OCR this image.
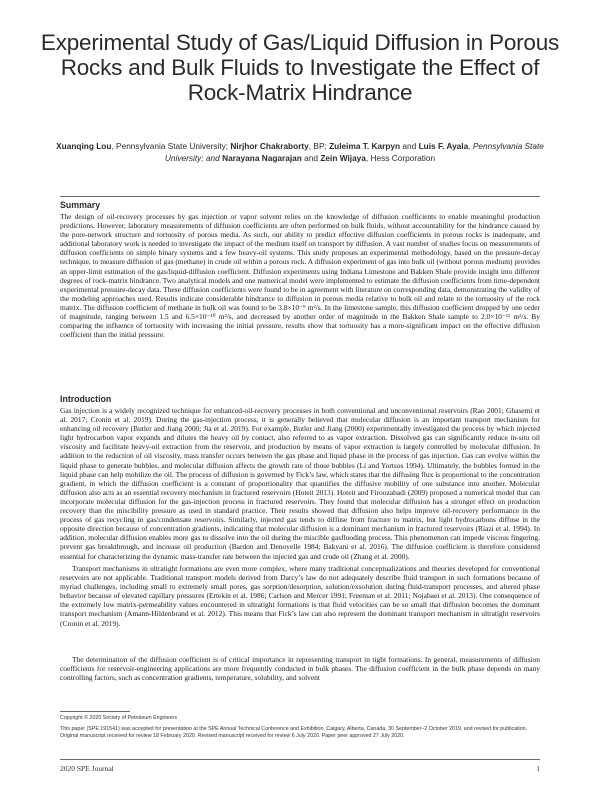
Experimental Study of Gas/Liquid Diffusion in Porous Rocks and Bulk Fluids to Investigate the Effect of Rock-Matrix Hindrance
Xuanqing Lou, Pennsylvania State University; Nirjhor Chakraborty, BP; Zuleima T. Karpyn and Luis F. Ayala, Pennsylvania State University; and Narayana Nagarajan and Zein Wijaya, Hess Corporation
Summary

The design of oil-recovery processes by gas injection or vapor solvent relies on the knowledge of diffusion coefficients to enable meaningful production predictions. However, laboratory measurements of diffusion coefficients are often performed on bulk fluids, without accountability for the hindrance caused by the pore-network structure and tortuosity of porous media. As such, our ability to predict effective diffusion coefficients in porous rocks is inadequate, and additional laboratory work is needed to investigate the impact of the medium itself on transport by diffusion. A vast number of studies focus on measurements of diffusion coefficients on simple binary systems and a few heavy-oil systems. This study proposes an experimental methodology, based on the pressure-decay technique, to measure diffusion of gas (methane) in crude oil within a porous rock. A diffusion experiment of gas into bulk oil (without porous medium) provides an upper-limit estimation of the gas/liquid-diffusion coefficient. Diffusion experiments using Indiana Limestone and Bakken Shale provide insight into different degrees of rock-matrix hindrance. Two analytical models and one numerical model were implemented to estimate the diffusion coefficients from time-dependent experimental pressure-decay data. These diffusion coefficients were found to be in agreement with literature on corresponding data, demonstrating the validity of the modeling approaches used. Results indicate considerable hindrance to diffusion in porous media relative to bulk oil and relate to the tortuosity of the rock matrix. The diffusion coefficient of methane in bulk oil was found to be 3.8×10⁻⁹ m²/s. In the limestone sample, this diffusion coefficient dropped by one order of magnitude, ranging between 1.5 and 6.5×10⁻¹⁰ m²/s, and decreased by another order of magnitude in the Bakken Shale sample to 2.0×10⁻¹¹ m²/s. By comparing the influence of tortuosity with increasing the initial pressure, results show that tortuosity has a more-significant impact on the effective diffusion coefficient than the initial pressure.

Introduction

Gas injection is a widely recognized technique for enhanced-oil-recovery processes in both conventional and unconventional reservoirs (Rao 2001; Ghasemi et al. 2017; Cronin et al. 2019). During the gas-injection process, it is generally believed that molecular diffusion is an important transport mechanism for enhancing oil recovery (Butler and Jiang 2000; Jia et al. 2019). For example, Butler and Jiang (2000) experimentally investigated the process by which injected light hydrocarbon vapor expands and dilutes the heavy oil by contact, also referred to as vapor extraction. Dissolved gas can significantly reduce in-situ oil viscosity and facilitate heavy-oil extraction from the reservoir, and production by means of vapor extraction is largely controlled by molecular diffusion. In addition to the reduction of oil viscosity, mass transfer occurs between the gas phase and liquid phase in the process of gas injection. Gas can evolve within the liquid phase to generate bubbles, and molecular diffusion affects the growth rate of those bubbles (Li and Yortsos 1994). Ultimately, the bubbles formed in the liquid phase can help mobilize the oil. The process of diffusion is governed by Fick’s law, which states that the diffusing flux is proportional to the concentration gradient, in which the diffusion coefficient is a constant of proportionality that quantifies the diffusive mobility of one substance into another. Molecular diffusion also acts as an essential recovery mechanism in fractured reservoirs (Hoteit 2013). Hoteit and Firoozabadi (2009) proposed a numerical model that can incorporate molecular diffusion for the gas-injection process in fractured reservoirs. They found that molecular diffusion has a stronger effect on production recovery than the miscibility pressure as used in standard practice. Their results showed that diffusion also helps improve oil-recovery performance in the process of gas recycling in gas/condensate reservoirs. Similarly, injected gas tends to diffuse from fracture to matrix, but light hydrocarbons diffuse in the opposite direction because of concentration gradients, indicating that molecular diffusion is a dominant mechanism in fractured reservoirs (Riazi et al. 1994). In addition, molecular diffusion enables more gas to dissolve into the oil during the miscible gasflooding process. This phenomenon can impede viscous fingering, prevent gas breakthrough, and increase oil production (Bardon and Denoyelle 1984; Bakyani et al. 2016). The diffusion coefficient is therefore considered essential for characterizing the dynamic mass-transfer rate between the injected gas and crude oil (Zhang et al. 2000).

Transport mechanisms in ultratight formations are even more complex, where many traditional conceptualizations and theories developed for conventional reservoirs are not applicable. Traditional transport models derived from Darcy’s law do not adequately describe fluid transport in such formations because of myriad challenges, including small to extremely small pores, gas sorption/desorption, solution/exsolution during fluid-transport processes, and altered phase behavior because of elevated capillary pressures (Ertekin et al. 1986; Carlson and Mercer 1991; Freeman et al. 2011; Nojabaei et al. 2013). One consequence of the extremely low matrix-permeability values encountered in ultratight formations is that fluid velocities can be so small that diffusion becomes the dominant transport mechanism (Amann-Hildenbrand et al. 2012). This means that Fick’s law can also represent the dominant transport mechanism in ultratight reservoirs (Cronin et al. 2019).

The determination of the diffusion coefficient is of critical importance in representing transport in tight formations. In general, measurements of diffusion coefficients for reservoir-engineering applications are more frequently conducted in bulk phases. The diffusion coefficient in the bulk phase depends on many controlling factors, such as concentration gradients, temperature, solubility, and solvent

Copyright © 2020 Society of Petroleum Engineers

This paper (SPE 191541) was accepted for presentation at the SPE Annual Technical Conference and Exhibition, Calgary, Alberta, Canada, 30 September–2 October 2019, and revised for publication. Original manuscript received for review 18 February 2020. Revised manuscript received for review 6 July 2020. Paper peer approved 27 July 2020.

2020 SPE Journal	1
